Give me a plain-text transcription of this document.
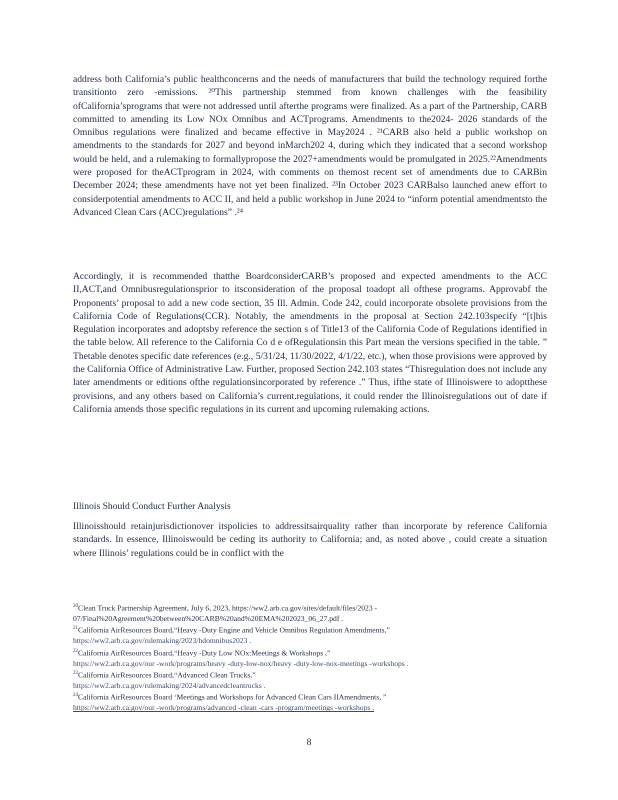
address both California’s public healthconcerns and the needs of manufacturers that build the technology required forthe transitionto zero -emissions. ²⁰This partnership stemmed from known challenges with the feasibility ofCalifornia’sprograms that were not addressed until afterthe programs were finalized. As a part of the Partnership, CARB committed to amending its Low NOx Omnibus and ACTprograms. Amendments to the2024- 2026 standards of the Omnibus regulations were finalized and became effective in May2024 . ²¹CARB also held a public workshop on amendments to the standards for 2027 and beyond inMarch202 4, during which they indicated that a second workshop would be held, and a rulemaking to formallypropose the 2027+amendments would be promulgated in 2025.²²Amendments were proposed for theACTprogram in 2024, with comments on themost recent set of amendments due to CARBin December 2024; these amendments have not yet been finalized. ²³In October 2023 CARBalso launched anew effort to considerpotential amendments to ACC II, and held a public workshop in June 2024 to “inform potential amendmentsto the Advanced Clean Cars (ACC)regulations” .²⁴

Accordingly, it is recommended thatthe BoardconsiderCARB’s proposed and expected amendments to the ACC II,ACT,and Omnibusregulationsprior to itsconsideration of the proposal toadopt all ofthese programs. Approvabf the Proponents’ proposal to add a new code section, 35 Ill. Admin. Code 242, could incorporate obsolete provisions from the California Code of Regulations(CCR). Notably, the amendments in the proposal at Section 242.103specify “[t]his Regulation incorporates and adoptsby reference the section s of Title13 of the California Code of Regulations identified in the table below. All reference to the California Co d e ofRegulationsin this Part mean the versions specified in the table. ” Thetable denotes specific date references (e.g., 5/31/24, 11/30/2022, 4/1/22, etc.), when those provisions were approved by the California Office of Administrative Law. Further, proposed Section 242.103 states “Thisregulation does not include any later amendments or editions ofthe regulationsincorporated by reference .” Thus, ifthe state of Illinoiswere to adoptthese provisions, and any others based on California’s current.regulations, it could render the Illinoisregulations out of date if California amends those specific regulations in its current and upcoming rulemaking actions.

Illinois Should Conduct Further Analysis

Illinoisshould retainjurisdictionover itspolicies to addressitsairquality rather than incorporate by reference California standards. In essence, Illinoiswould be ceding its authority to California; and, as noted above , could create a situation where Illinois’ regulations could be in conflict with the

$^{20}$Clean Truck Partnership Agreement, July 6, 2023, https://ww2.arb.ca.gov/sites/default/files/2023 - 07/Final%20Agreement%20between%20CARB%20and%20EMA%202023_06_27.pdf .
$^{21}$California AirResources Board,“Heavy -Duty Engine and Vehicle Omnibus Regulation Amendments,”
https://ww2.arb.ca.gov/rulemaking/2023/hdomnibus2023 .
$^{22}$California AirResources Board,“Heavy -Duty Low NOx:Meetings & Workshops ,”
https://ww2.arb.ca.gov/our -work/programs/heavy -duty-low-nox/heavy -duty-low-nox-meetings -workshops .
$^{23}$California AirResources Board,“Advanced Clean Trucks,”
https://ww2.arb.ca.gov/rulemaking/2024/advancedcleantrucks .
$^{24}$California AirResources Board ‘Meetings and Workshops for Advanced Clean Cars IIAmendments, ”
https://ww2.arb.ca.gov/our -work/programs/advanced -clean -cars -program/meetings -workshops .

8
